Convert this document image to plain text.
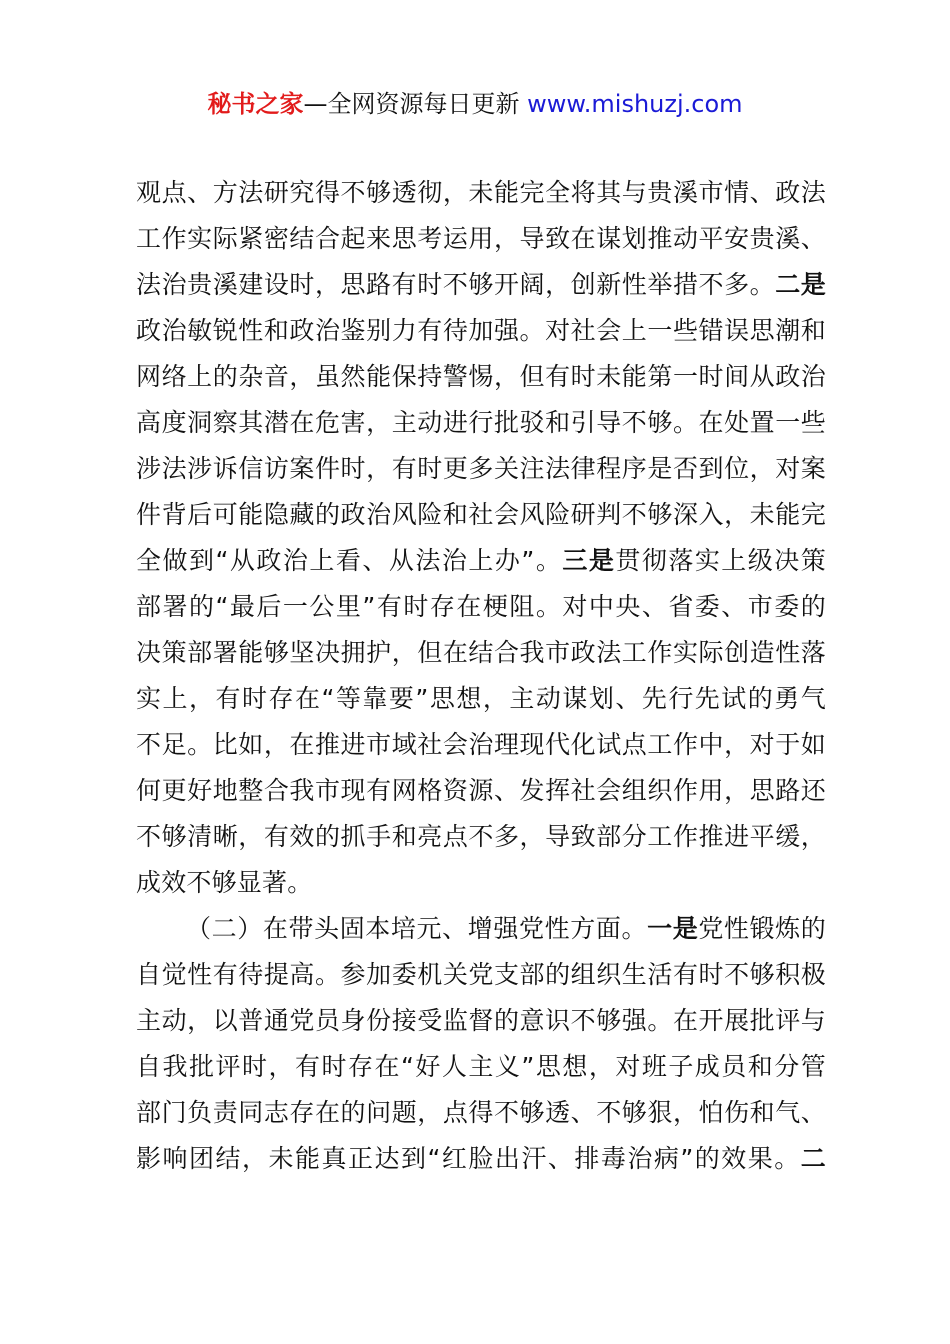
秘书之家—全网资源每日更新 www.mishuzj.com
观点、方法研究得不够透彻，未能完全将其与贵溪市情、政法
工作实际紧密结合起来思考运用，导致在谋划推动平安贵溪、
法治贵溪建设时，思路有时不够开阔，创新性举措不多。二是
政治敏锐性和政治鉴别力有待加强。对社会上一些错误思潮和
网络上的杂音，虽然能保持警惕，但有时未能第一时间从政治
高度洞察其潜在危害，主动进行批驳和引导不够。在处置一些
涉法涉诉信访案件时，有时更多关注法律程序是否到位，对案
件背后可能隐藏的政治风险和社会风险研判不够深入，未能完
全做到“从政治上看、从法治上办”。三是贯彻落实上级决策
部署的“最后一公里”有时存在梗阻。对中央、省委、市委的
决策部署能够坚决拥护，但在结合我市政法工作实际创造性落
实上，有时存在“等靠要”思想，主动谋划、先行先试的勇气
不足。比如，在推进市域社会治理现代化试点工作中，对于如
何更好地整合我市现有网格资源、发挥社会组织作用，思路还
不够清晰，有效的抓手和亮点不多，导致部分工作推进平缓，
成效不够显著。
（二）在带头固本培元、增强党性方面。一是党性锻炼的
自觉性有待提高。参加委机关党支部的组织生活有时不够积极
主动，以普通党员身份接受监督的意识不够强。在开展批评与
自我批评时，有时存在“好人主义”思想，对班子成员和分管
部门负责同志存在的问题，点得不够透、不够狠，怕伤和气、
影响团结，未能真正达到“红脸出汗、排毒治病”的效果。二
